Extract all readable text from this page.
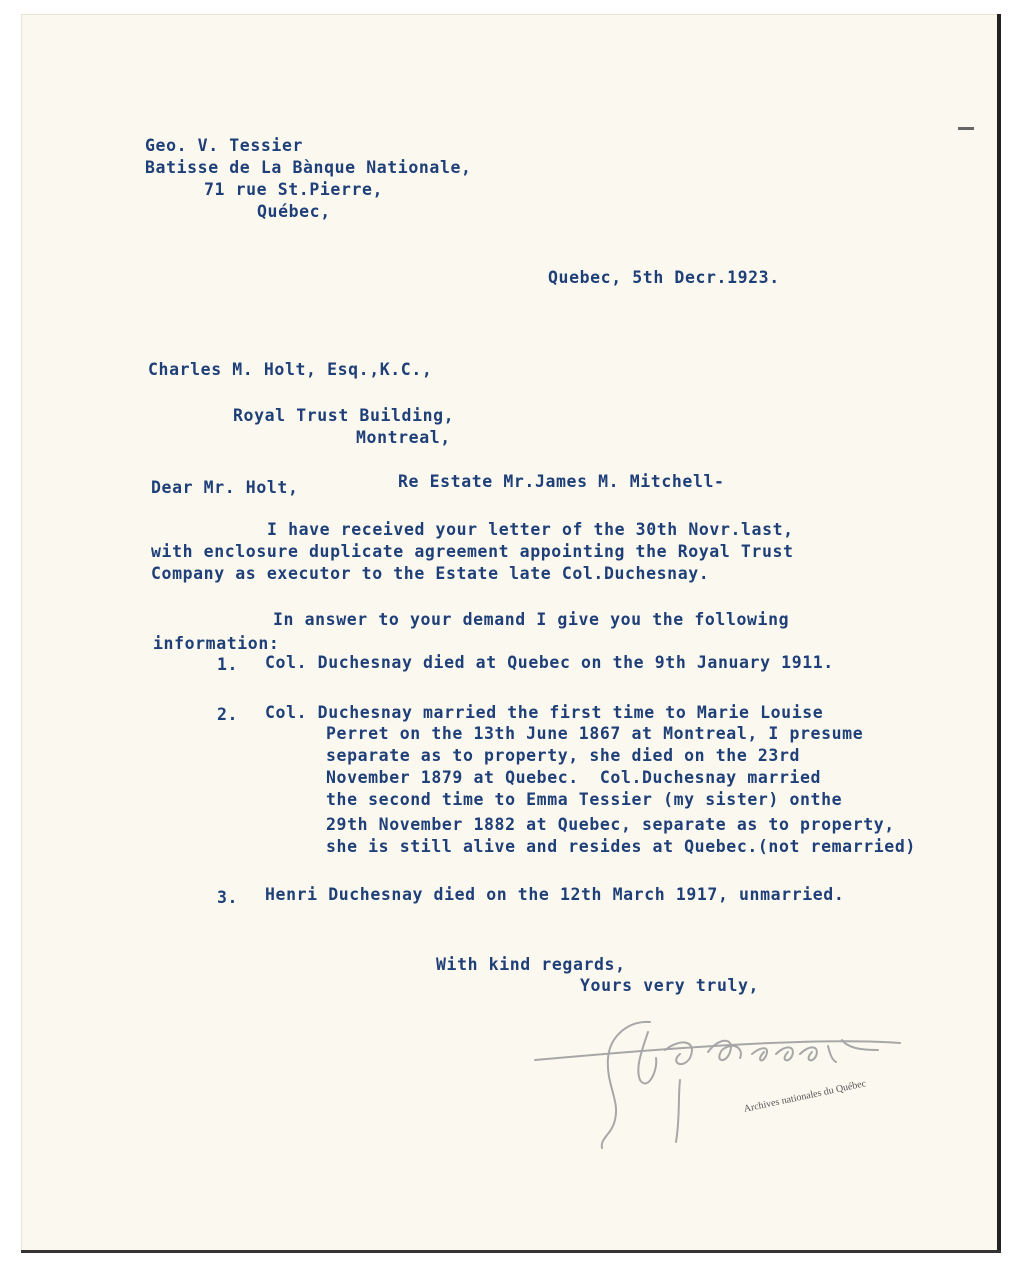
Geo. V. Tessier

Batisse de La Bànque Nationale,

71 rue St.Pierre,

Québec,

Quebec, 5th Decr.1923.

Charles M. Holt, Esq.,K.C.,

Royal Trust Building,

Montreal,

Dear Mr. Holt,	Re Estate Mr.James M. Mitchell-

I have received your letter of the 30th Novr.last,

with enclosure duplicate agreement appointing the Royal Trust

Company as executor to the Estate late Col.Duchesnay.

In answer to your demand I give you the following

information:

1. Col. Duchesnay died at Quebec on the 9th January 1911.

2. Col. Duchesnay married the first time to Marie Louise

Perret on the 13th June 1867 at Montreal, I presume

separate as to property, she died on the 23rd

November 1879 at Quebec.  Col.Duchesnay married

the second time to Emma Tessier (my sister) onthe

29th November 1882 at Quebec, separate as to property,

she is still alive and resides at Quebec.(not remarried)

3. Henri Duchesnay died on the 12th March 1917, unmarried.

With kind regards,

Yours very truly,

Archives nationales du Québec
